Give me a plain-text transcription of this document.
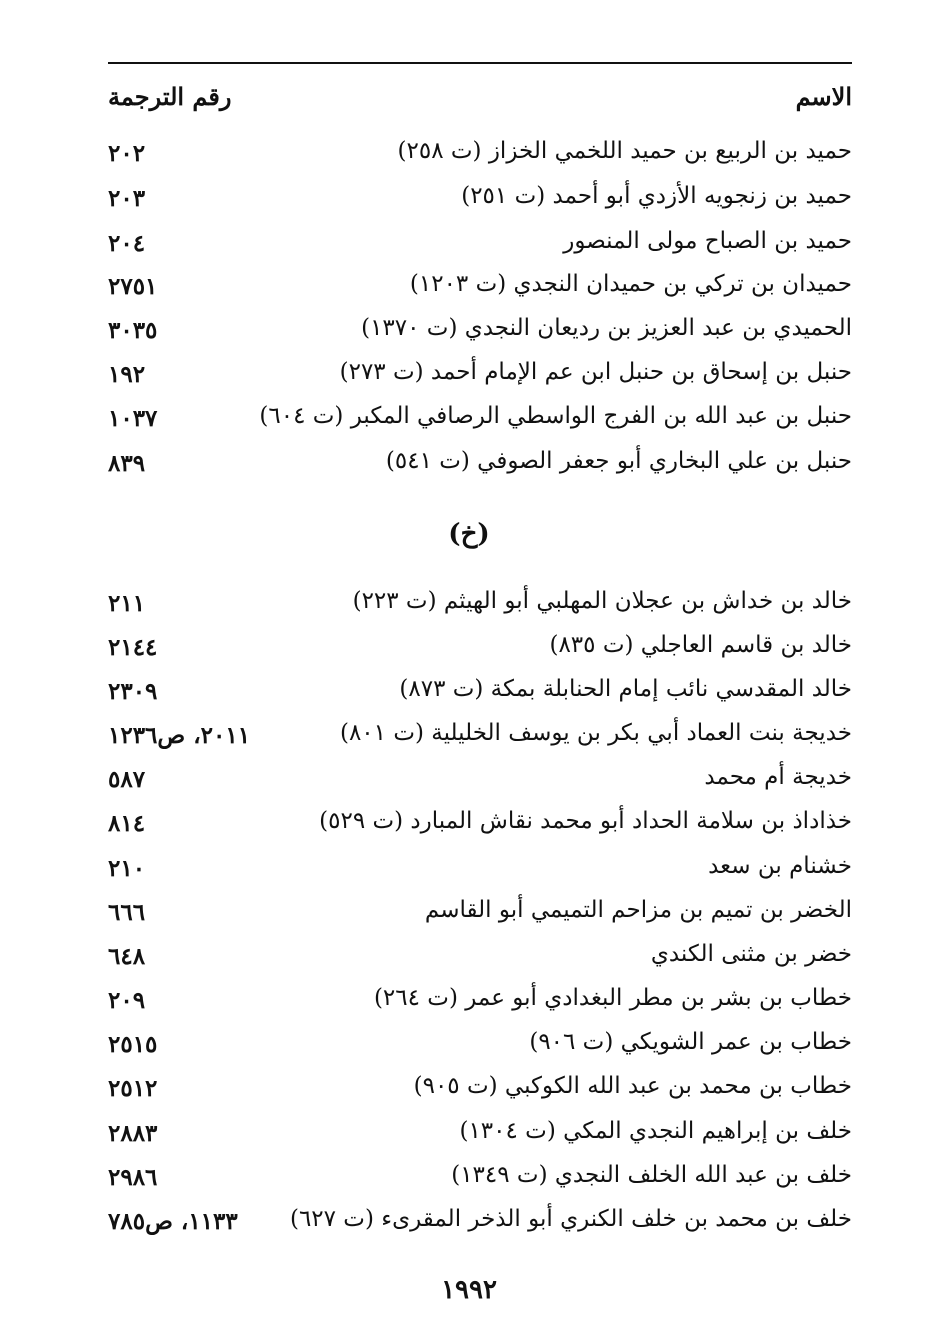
الاسم
رقم الترجمة
حميد بن الربيع بن حميد اللخمي الخزاز (ت ٢٥٨)
٢٠٢
حميد بن زنجويه الأزدي أبو أحمد (ت ٢٥١)
٢٠٣
حميد بن الصباح مولى المنصور
٢٠٤
حميدان بن تركي بن حميدان النجدي (ت ١٢٠٣)
٢٧٥١
الحميدي بن عبد العزيز بن رديعان النجدي (ت ١٣٧٠)
٣٠٣٥
حنبل بن إسحاق بن حنبل ابن عم الإمام أحمد (ت ٢٧٣)
١٩٢
حنبل بن عبد الله بن الفرج الواسطي الرصافي المكبر (ت ٦٠٤)
١٠٣٧
حنبل بن علي البخاري أبو جعفر الصوفي (ت ٥٤١)
٨٣٩
(خ)
خالد بن خداش بن عجلان المهلبي أبو الهيثم (ت ٢٢٣)
٢١١
خالد بن قاسم العاجلي (ت ٨٣٥)
٢١٤٤
خالد المقدسي نائب إمام الحنابلة بمكة (ت ٨٧٣)
٢٣٠٩
خديجة بنت العماد أبي بكر بن يوسف الخليلية (ت ٨٠١)
٢٠١١، ص١٢٣٦
خديجة أم محمد
٥٨٧
خذاداذ بن سلامة الحداد أبو محمد نقاش المبارد (ت ٥٢٩)
٨١٤
خشنام بن سعد
٢١٠
الخضر بن تميم بن مزاحم التميمي أبو القاسم
٦٦٦
خضر بن مثنى الكندي
٦٤٨
خطاب بن بشر بن مطر البغدادي أبو عمر (ت ٢٦٤)
٢٠٩
خطاب بن عمر الشويكي (ت ٩٠٦)
٢٥١٥
خطاب بن محمد بن عبد الله الكوكبي (ت ٩٠٥)
٢٥١٢
خلف بن إبراهيم النجدي المكي (ت ١٣٠٤)
٢٨٨٣
خلف بن عبد الله الخلف النجدي (ت ١٣٤٩)
٢٩٨٦
خلف بن محمد بن خلف الكنري أبو الذخر المقرىء (ت ٦٢٧)
١١٣٣، ص٧٨٥
١٩٩٢
